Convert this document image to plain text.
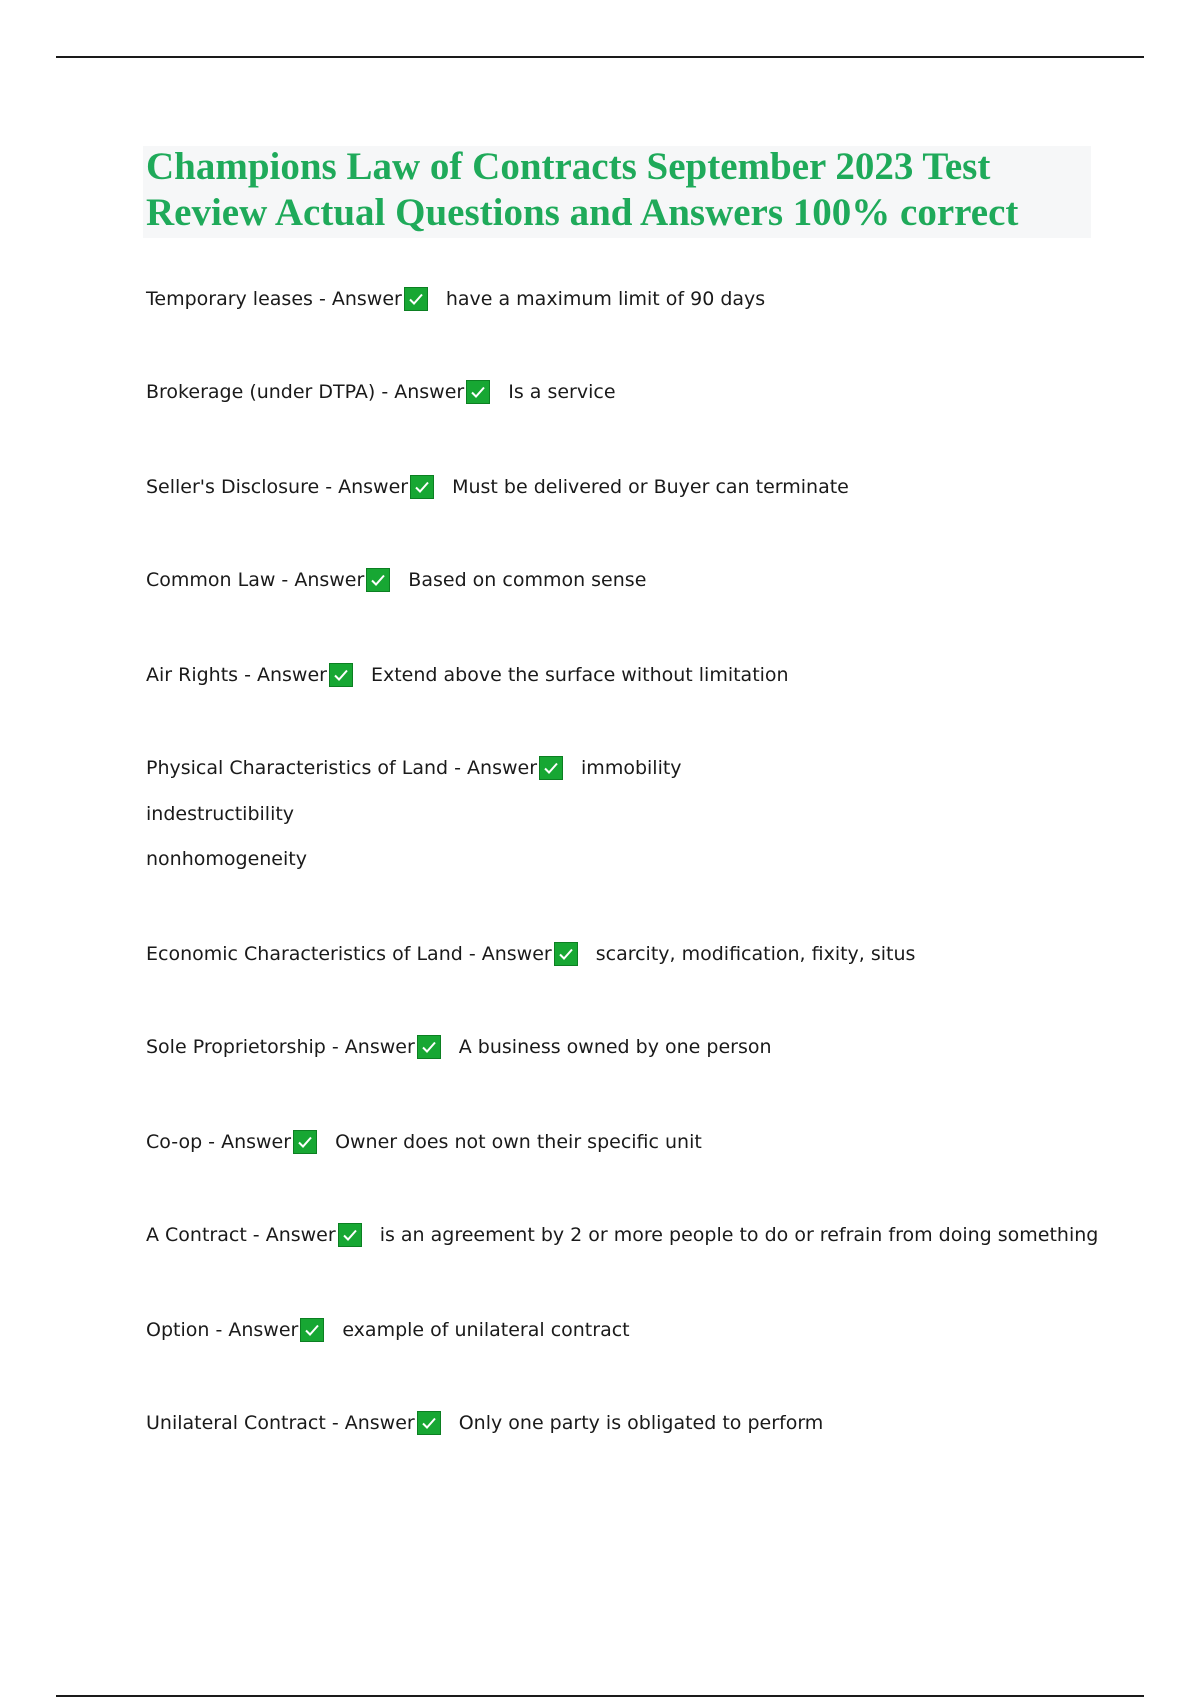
Champions Law of Contracts September 2023 Test Review Actual Questions and Answers 100% correct
Temporary leases - Answer have a maximum limit of 90 days
Brokerage (under DTPA) - Answer Is a service
Seller's Disclosure - Answer Must be delivered or Buyer can terminate
Common Law - Answer Based on common sense
Air Rights - Answer Extend above the surface without limitation
Physical Characteristics of Land - Answer immobility
indestructibility
nonhomogeneity
Economic Characteristics of Land - Answer scarcity, modification, fixity, situs
Sole Proprietorship - Answer A business owned by one person
Co-op - Answer Owner does not own their specific unit
A Contract - Answer is an agreement by 2 or more people to do or refrain from doing something
Option - Answer example of unilateral contract
Unilateral Contract - Answer Only one party is obligated to perform
